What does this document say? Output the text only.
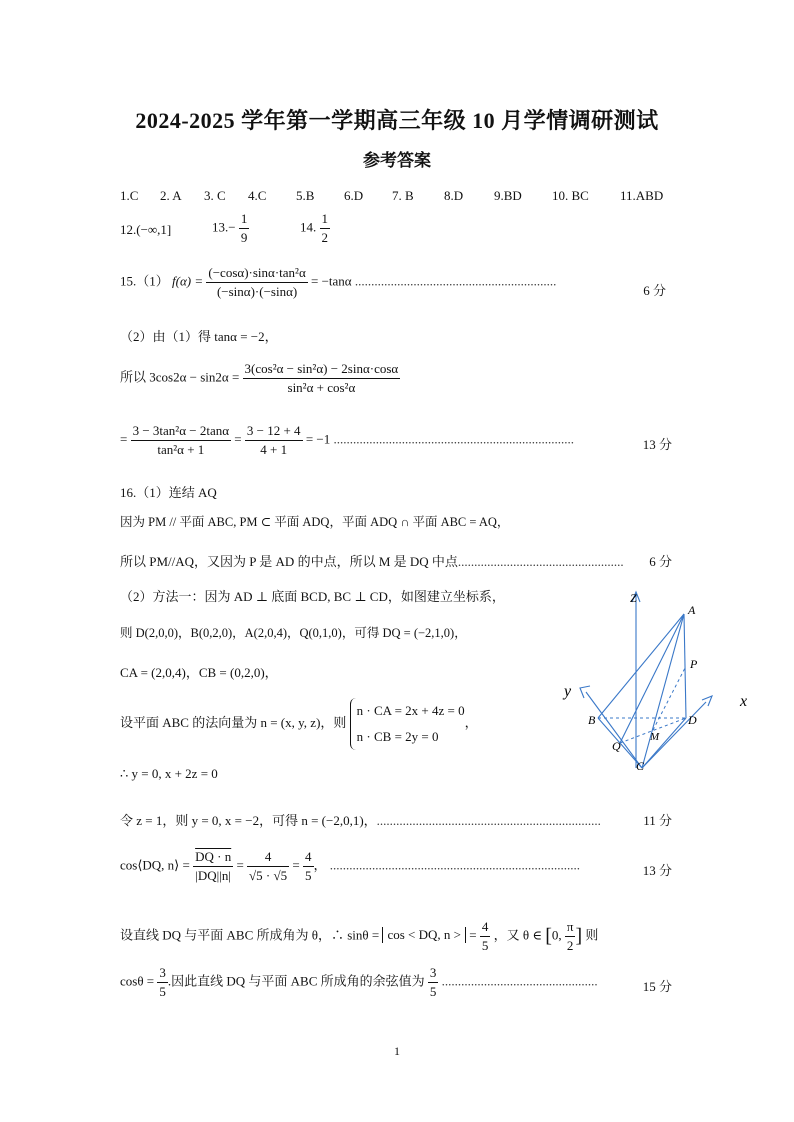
2024-2025 学年第一学期高三年级 10 月学情调研测试
参考答案
1.C 2. A 3. C 4.C 5.B 6.D 7. B 8.D 9.BD 10. BC 11.ABD
12.(−∞,1]	$13.- \frac{1}{9}$	14. $\frac{1}{2}$
15.（1） $f(\alpha) = \frac{\text{(−cosα)·sinα·tan²α}}{(-\sin\alpha)\cdot(-\sin\alpha)} = -\tan\alpha$ ..............................................................
6 分
（2）由（1）得 tanα = −2，
所以 $3\cos 2\alpha - \sin 2\alpha = \frac{\text{3(cos²α − sin²α) − 2sinα·cosα}}{\text{sin²α + cos²α}}$
= $\frac{\text{3 − 3tan²α − 2tanα}}{\text{tan²α + 1}} = \frac{3 - 12 + 4}{4 + 1} = -1$ ..........................................................................	13 分
16.（1）连结 AQ
因为 PM // 平面 ABC, PM ⊂ 平面 ADQ，平面 ADQ ∩ 平面 ABC = AQ，
所以 PM//AQ，又因为 P 是 AD 的中点，所以 M 是 DQ 中点................................................... 6 分
（2）方法一：因为 AD ⊥ 底面 BCD, BC ⊥ CD，如图建立坐标系，
则 D(2,0,0)，B(0,2,0)，A(2,0,4)，Q(0,1,0)，可得 DQ = (−2,1,0)，
CA = (2,0,4)，CB = (0,2,0)，
设平面 ABC 的法向量为 n = (x, y, z)，则
n · CA = 2x + 4z = 0
n · CB = 2y = 0
，
∴ y = 0, x + 2z = 0
令 z = 1，则 y = 0, x = −2，可得 n = (−2,0,1)，.....................................................................	11 分
cos⟨DQ, n⟩ = $\frac{DQ \cdot n}{|DQ||n|} = \frac{4}{√5 \cdot √5} = \frac{4}{5}$ ， .............................................................................	13 分
设直线 DQ 与平面 ABC 所成角为 θ，∴ sinθ = cos < DQ, n > = $\frac{4}{5}$ ，又 θ ∈ [0, $\frac{\pi}{2}$ ] 则
$\cos\theta = \frac{3}{5}$ .因此直线 DQ 与平面 ABC 所成角的余弦值为 $\frac{3}{5}$ ................................................	15 分
Z
A
P
y
x
B	D
M
Q
C
1
